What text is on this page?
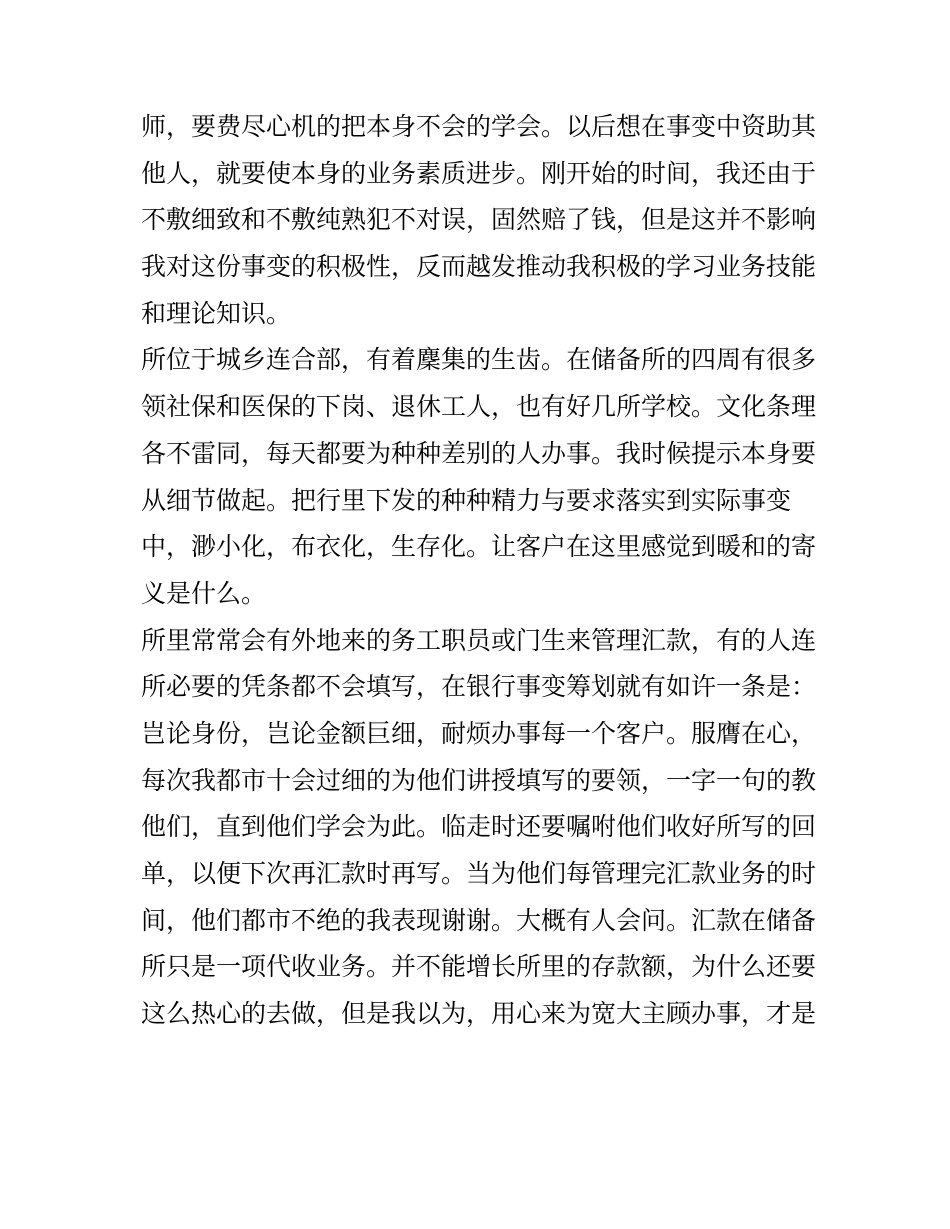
师，要费尽心机的把本身不会的学会。以后想在事变中资助其
他人，就要使本身的业务素质进步。刚开始的时间，我还由于
不敷细致和不敷纯熟犯不对误，固然赔了钱，但是这并不影响
我对这份事变的积极性，反而越发推动我积极的学习业务技能
和理论知识。
所位于城乡连合部，有着麇集的生齿。在储备所的四周有很多
领社保和医保的下岗、退休工人，也有好几所学校。文化条理
各不雷同，每天都要为种种差别的人办事。我时候提示本身要
从细节做起。把行里下发的种种精力与要求落实到实际事变
中，渺小化，布衣化，生存化。让客户在这里感觉到暖和的寄
义是什么。
所里常常会有外地来的务工职员或门生来管理汇款，有的人连
所必要的凭条都不会填写，在银行事变筹划就有如许一条是：
岂论身份，岂论金额巨细，耐烦办事每一个客户。服膺在心，
每次我都市十会过细的为他们讲授填写的要领，一字一句的教
他们，直到他们学会为此。临走时还要嘱咐他们收好所写的回
单，以便下次再汇款时再写。当为他们每管理完汇款业务的时
间，他们都市不绝的我表现谢谢。大概有人会问。汇款在储备
所只是一项代收业务。并不能增长所里的存款额，为什么还要
这么热心的去做，但是我以为，用心来为宽大主顾办事，才是
